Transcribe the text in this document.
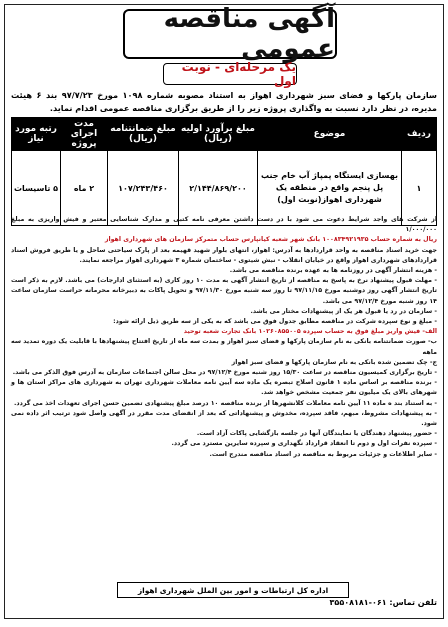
آگهی مناقصه عمومی
یک مرحله‌ای - نوبت اول
سازمان پارکها و فضای سبز شهرداری اهواز به استناد مصوبه شماره ۱۰۹۸ مورخ ۹۷/۷/۲۳ بند ۶ هیئت مدیره، در نظر دارد نسبت به واگذاری پروژه زیر را از طریق برگزاری مناقصه عمومی اقدام نماید.
ردیف	موضوع	مبلغ برآورد اولیه (ریال)	مبلغ ضمانتنامه (ریال)	مدت اجرای پروژه	رتبه مورد نیاز
۱	بهسازی ایستگاه پمپاژ آب خام جنب پل پنجم واقع در منطقه یک شهرداری اهواز(نوبت اول)	۲/۱۴۴/۸۶۹/۲۰۰	۱۰۷/۲۴۳/۴۶۰	۲ ماه	۵ تاسیسات

از شرکت های واجد شرایط دعوت می شود با در دست داشتن معرفی نامه کتبی و مدارک شناسایی معتبر و فیش واریزی به مبلغ ۱/۰۰۰/۰۰۰

ریال به شماره حساب ۱۰۰۸۳۴۹۲۱۹۳۵ بانک شهر شعبه کیانپارس حساب متمرکز سازمان های شهرداری اهواز

جهت خرید اسناد مناقصه به واحد قراردادها به آدرس: اهواز، انتهای بلوار شهید قهیمه بعد از پارک سیاحتی ساحل و یا طریق فروش اسناد قراردادهای شهرداری اهواز واقع در خیابان انقلاب - نبش شیتوی - ساختمان شماره ۳ شهرداری اهواز مراجعه نمایند.

- هزینه انتشار آگهی در روزنامه ها به عهده برنده مناقصه می باشد.

- مهلت قبول پیشنهاد نرخ به پاسخ به مناقصه از تاریخ انتشار آگهی به مدت ۱۰ روز کاری (به استثنای ادارجات) می باشد. لازم به ذکر است تاریخ انتشار آگهی روز دوشنبه مورخ ۹۷/۱۱/۱۵ تا روز سه شنبه مورخ ۹۷/۱۱/۳۰ و تحویل پاکات به دبیرخانه محرمانه حراست سازمان ساعت ۱۴ روز شنبه مورخ ۹۷/۱۲/۴ می باشد.

- سازمان در رد یا قبول هر یک از پیشنهادات مختار می باشد.

- مبلغ و نوع سپرده شرکت در مناقصه مطابق جدول فوق می باشد که به یکی از سه طریق ذیل ارائه شود:

الف- فیش واریز مبلغ فوق به حساب سپرده ۱۰۲۶۰۸۵۵۰۰۵ بانک تجارت شعبه توحید

ب- صورت ضمانتنامه بانکی به نام سازمان پارکها و فضای سبز اهواز و بمدت سه ماه از تاریخ افتتاح پیشنهادها با قابلیت یک دوره تمدید سه ماهه

ج- چک تضمین شده بانکی به نام سازمان پارکها و فضای سبز اهواز

- تاریخ برگزاری کمیسیون مناقصه در ساعت ۱۵/۳۰ روز شنبه مورخ ۹۷/۱۲/۴ در محل سالن اجتماعات سازمان به آدرس فوق الذکر می باشد.

- برنده مناقصه بر اساس ماده ۱ قانون اصلاح تبصره یک ماده سه آیین نامه معاملات شهرداری تهران به شهرداری های مراکز استان ها و شهرهای بالای یک میلیون نفر جمعیت مشخص خواهد شد.

- به استناد بند ه ماده ۱۱ آیین نامه معاملات کلانشهرها از برنده مناقصه ۱۰ درصد مبلغ پیشنهادی تضمین حسن اجرای تعهدات اخذ می گردد.

- به پیشنهادات مشروط، مبهم، فاقد سپرده، مخدوش و پیشنهاداتی که بعد از انقضای مدت مقرر در آگهی واصل شود ترتیب اثر داده نمی شود.

- حضور پیشنهاد دهندگان یا نمایندگان آنها در جلسه بازگشایی پاکات آزاد است.

- سپرده نفرات اول و دوم تا انعقاد قرارداد نگهداری و سپرده سایرین مسترد می گردد.

- سایر اطلاعات و جزئیات مربوط به مناقصه در اسناد مناقصه مندرج است.

اداره کل ارتباطات و امور بین الملل شهرداری اهواز
تلفن تماس: ۰۶۱-۳۵۵۰۸۱۸۱
